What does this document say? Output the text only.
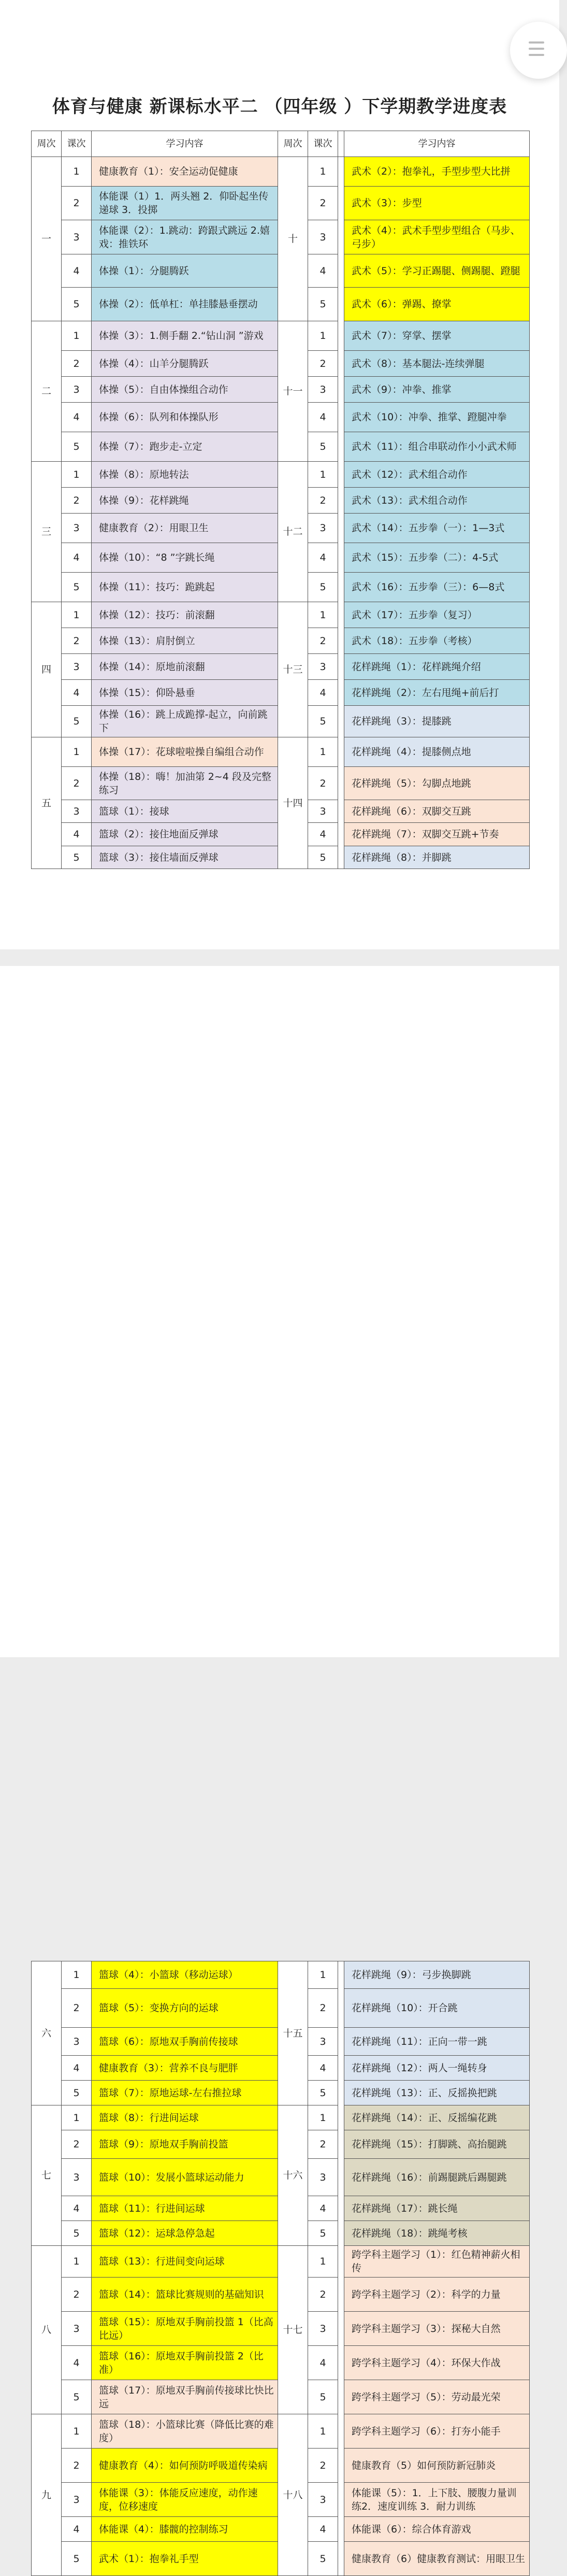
体育与健康 新课标水平二 （四年级 ）下学期教学进度表
周次	课次	学习内容	周次	课次		学习内容
一	1	健康教育（1）：安全运动促健康	十	1		武术（2）：抱拳礼，手型步型大比拼
	2	体能课（1）1．两头翘 2．仰卧起坐传递球 3．投掷		2		武术（3）：步型
	3	体能课（2）：1.跳动：跨跟式跳远 2.嬉戏：推铁环		3		武术（4）：武术手型步型组合（马步、弓步）
	4	体操（1）：分腿腾跃		4		武术（5）：学习正踢腿、侧踢腿、蹬腿
	5	体操（2）：低单杠：单挂膝悬垂摆动		5		武术（6）：弹踢、撩掌
二	1	体操（3）：1.侧手翻 2.“钻山洞 ”游戏	十一	1		武术（7）：穿掌、摆掌
	2	体操（4）：山羊分腿腾跃		2		武术（8）：基本腿法-连续弹腿
	3	体操（5）：自由体操组合动作		3		武术（9）：冲拳、推掌
	4	体操（6）：队列和体操队形		4		武术（10）：冲拳、推掌、蹬腿冲拳
	5	体操（7）：跑步走-立定		5		武术（11）：组合串联动作小小武术师
三	1	体操（8）：原地转法	十二	1		武术（12）：武术组合动作
	2	体操（9）：花样跳绳		2		武术（13）：武术组合动作
	3	健康教育（2）：用眼卫生		3		武术（14）：五步拳（一）：1—3式
	4	体操（10）：“8 ”字跳长绳		4		武术（15）：五步拳（二）：4-5式
	5	体操（11）：技巧：跪跳起		5		武术（16）：五步拳（三）：6—8式
四	1	体操（12）：技巧：前滚翻	十三	1		武术（17）：五步拳（复习）
	2	体操（13）：肩肘倒立		2		武术（18）：五步拳（考核）
	3	体操（14）：原地前滚翻		3		花样跳绳（1）：花样跳绳介绍
	4	体操（15）：仰卧悬垂		4		花样跳绳（2）：左右甩绳+前后打
	5	体操（16）：跳上成跪撑-起立，向前跳下		5		花样跳绳（3）：提膝跳
五	1	体操（17）：花球啦啦操自编组合动作	十四	1		花样跳绳（4）：提膝侧点地
	2	体操（18）：嗨！加油第 2~4 段及完整练习		2		花样跳绳（5）：勾脚点地跳
	3	篮球（1）：接球		3		花样跳绳（6）：双脚交互跳
	4	篮球（2）：接住地面反弹球		4		花样跳绳（7）：双脚交互跳+节奏
	5	篮球（3）：接住墙面反弹球		5		花样跳绳（8）：并脚跳
六	1	篮球（4）：小篮球（移动运球）	十五	1		花样跳绳（9）：弓步换脚跳
	2	篮球（5）：变换方向的运球		2		花样跳绳（10）：开合跳
	3	篮球（6）：原地双手胸前传接球		3		花样跳绳（11）：正向一带一跳
	4	健康教育（3）：营养不良与肥胖		4		花样跳绳（12）：两人一绳转身
	5	篮球（7）：原地运球-左右推拉球		5		花样跳绳（13）：正、反摇换把跳
七	1	篮球（8）：行进间运球	十六	1		花样跳绳（14）：正、反摇编花跳
	2	篮球（9）：原地双手胸前投篮		2		花样跳绳（15）：打脚跳、高抬腿跳
	3	篮球（10）：发展小篮球运动能力		3		花样跳绳（16）：前踢腿跳后踢腿跳
	4	篮球（11）：行进间运球		4		花样跳绳（17）：跳长绳
	5	篮球（12）：运球急停急起		5		花样跳绳（18）：跳绳考核
八	1	篮球（13）：行进间变向运球	十七	1		跨学科主题学习（1）：红色精神薪火相传
	2	篮球（14）：篮球比赛规则的基础知识		2		跨学科主题学习（2）：科学的力量
	3	篮球（15）：原地双手胸前投篮 1（比高比远）		3		跨学科主题学习（3）：探秘大自然
	4	篮球（16）：原地双手胸前投篮 2（比准）		4		跨学科主题学习（4）：环保大作战
	5	篮球（17）：原地双手胸前传接球比快比远		5		跨学科主题学习（5）：劳动最光荣
九	1	篮球（18）：小篮球比赛（降低比赛的难度）	十八	1		跨学科主题学习（6）：打夯小能手
	2	健康教育（4）：如何预防呼吸道传染病		2		健康教育（5）如何预防新冠肺炎
	3	体能课（3）：体能反应速度，动作速度，位移速度		3		体能课（5）：1．上下肢、腰腹力量训练2．速度训练 3．耐力训练
	4	体能课（4）：膝髋的控制练习		4		体能课（6）：综合体育游戏
	5	武术（1）：抱拳礼手型		5		健康教育（6）健康教育测试：用眼卫生
